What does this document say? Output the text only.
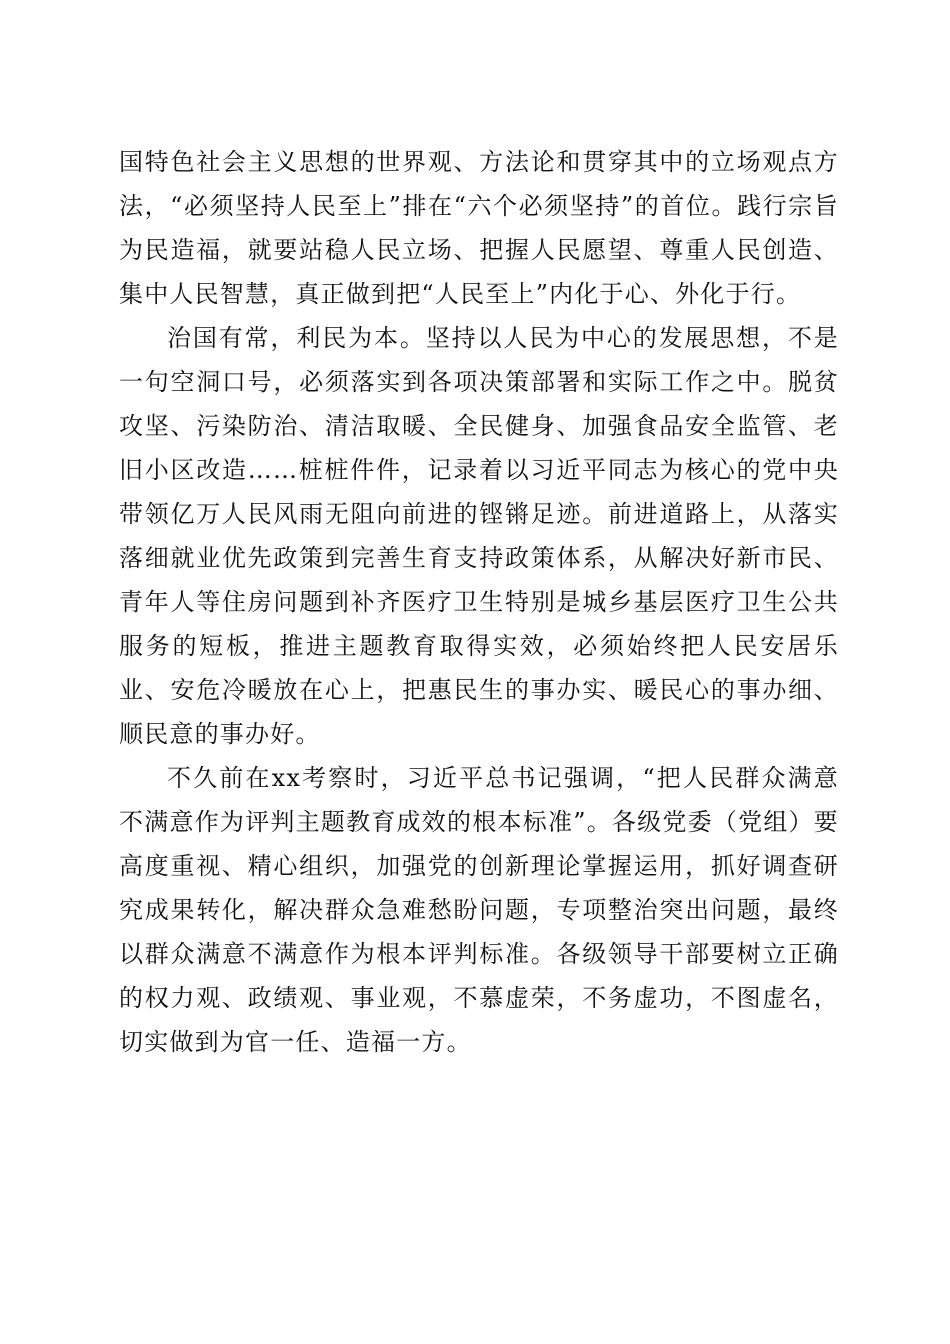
国特色社会主义思想的世界观、方法论和贯穿其中的立场观点方法，“必须坚持人民至上”排在“六个必须坚持”的首位。践行宗旨为民造福，就要站稳人民立场、把握人民愿望、尊重人民创造、集中人民智慧，真正做到把“人民至上”内化于心、外化于行。

治国有常，利民为本。坚持以人民为中心的发展思想，不是一句空洞口号，必须落实到各项决策部署和实际工作之中。脱贫攻坚、污染防治、清洁取暖、全民健身、加强食品安全监管、老旧小区改造……桩桩件件，记录着以习近平同志为核心的党中央带领亿万人民风雨无阻向前进的铿锵足迹。前进道路上，从落实落细就业优先政策到完善生育支持政策体系，从解决好新市民、青年人等住房问题到补齐医疗卫生特别是城乡基层医疗卫生公共服务的短板，推进主题教育取得实效，必须始终把人民安居乐业、安危冷暖放在心上，把惠民生的事办实、暖民心的事办细、顺民意的事办好。

不久前在xx考察时，习近平总书记强调，“把人民群众满意不满意作为评判主题教育成效的根本标准”。各级党委（党组）要高度重视、精心组织，加强党的创新理论掌握运用，抓好调查研究成果转化，解决群众急难愁盼问题，专项整治突出问题，最终以群众满意不满意作为根本评判标准。各级领导干部要树立正确的权力观、政绩观、事业观，不慕虚荣，不务虚功，不图虚名，切实做到为官一任、造福一方。
